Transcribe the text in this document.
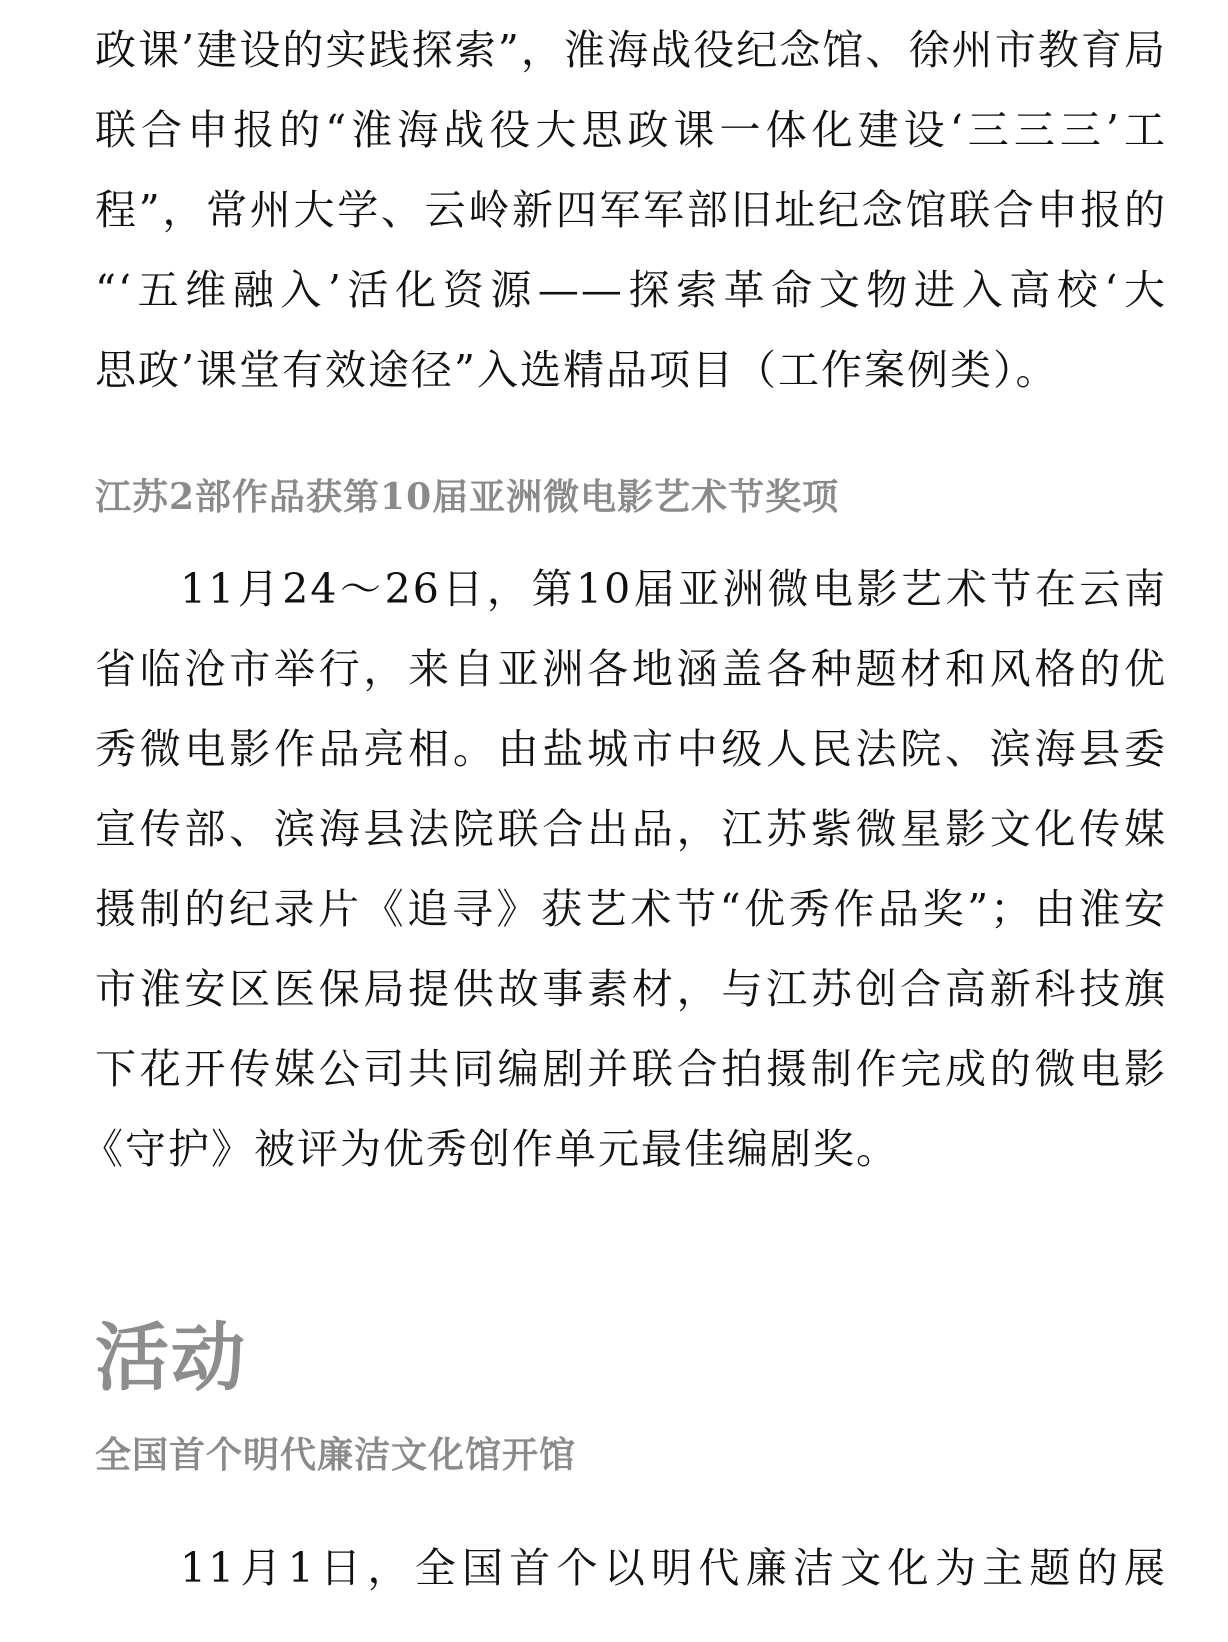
政课’建设的实践探索”，淮海战役纪念馆、徐州市教育局
联合申报的“淮海战役大思政课一体化建设‘三三三’工
程”，常州大学、云岭新四军军部旧址纪念馆联合申报的
“‘五维融入’活化资源——探索革命文物进入高校‘大
思政’课堂有效途径”入选精品项目（工作案例类）。
江苏2部作品获第10届亚洲微电影艺术节奖项
11月24～26日，第10届亚洲微电影艺术节在云南
省临沧市举行，来自亚洲各地涵盖各种题材和风格的优
秀微电影作品亮相。由盐城市中级人民法院、滨海县委
宣传部、滨海县法院联合出品，江苏紫微星影文化传媒
摄制的纪录片《追寻》获艺术节“优秀作品奖”；由淮安
市淮安区医保局提供故事素材，与江苏创合高新科技旗
下花开传媒公司共同编剧并联合拍摄制作完成的微电影
《守护》被评为优秀创作单元最佳编剧奖。
活动
全国首个明代廉洁文化馆开馆
11月1日，全国首个以明代廉洁文化为主题的展
